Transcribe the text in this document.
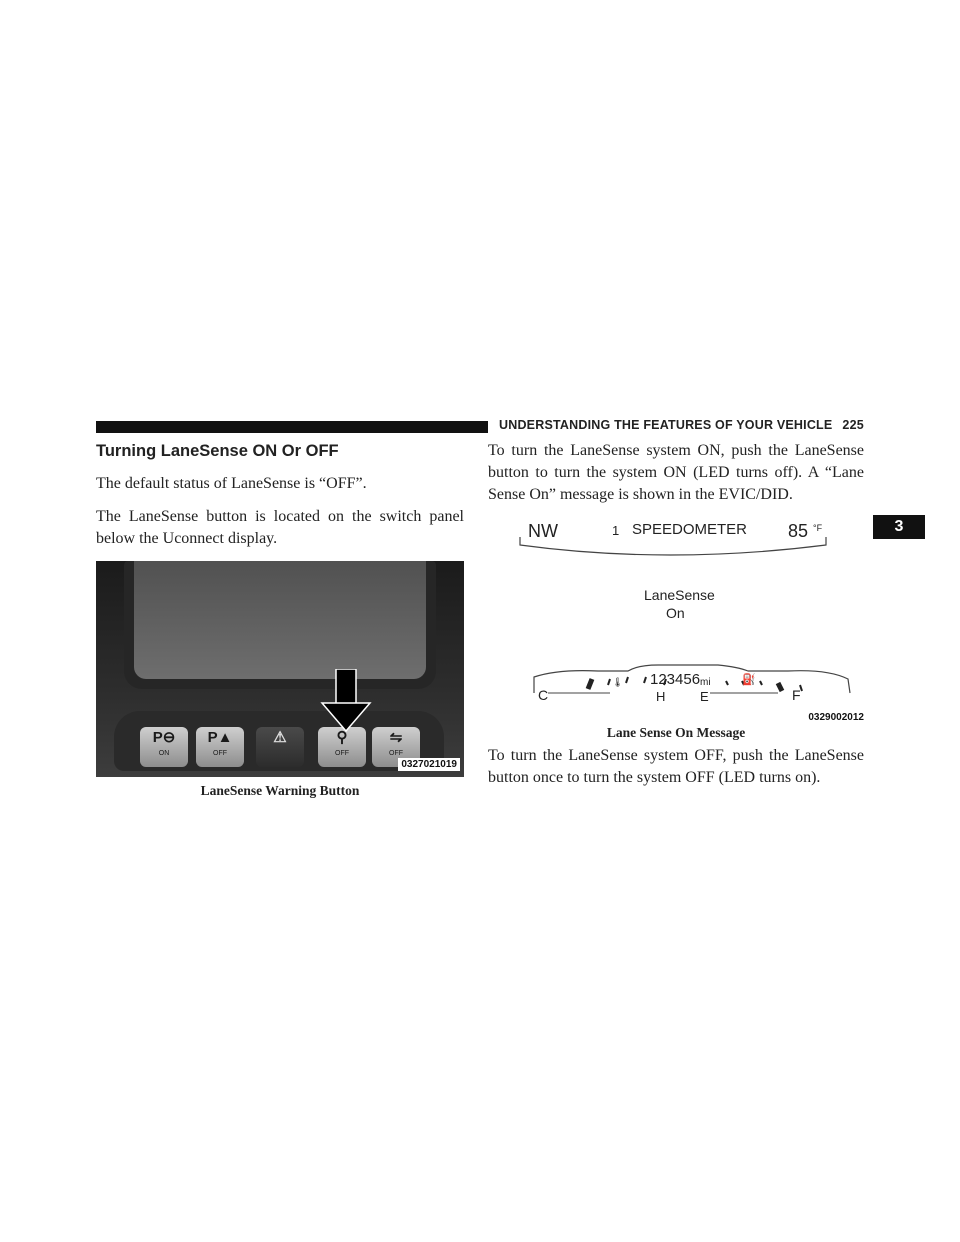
UNDERSTANDING THE FEATURES OF YOUR VEHICLE 225
3
Turning LaneSense ON Or OFF

The default status of LaneSense is “OFF”.

The LaneSense button is located on the switch panel below the Uconnect display.

P⊖
ON
P▲
OFF
⚠	⚲
OFF
⇋
OFF
0327021019
LaneSense Warning Button

To turn the LaneSense system ON, push the LaneSense button to turn the system ON (LED turns off). A “Lane Sense On” message is shown in the EVIC/DID.

NW	1 SPEEDOMETER 85 °F
LaneSense
On
🌡 123456 mi	⛽
C	H	E	F
0329002012
Lane Sense On Message

To turn the LaneSense system OFF, push the LaneSense button once to turn the system OFF (LED turns on).
